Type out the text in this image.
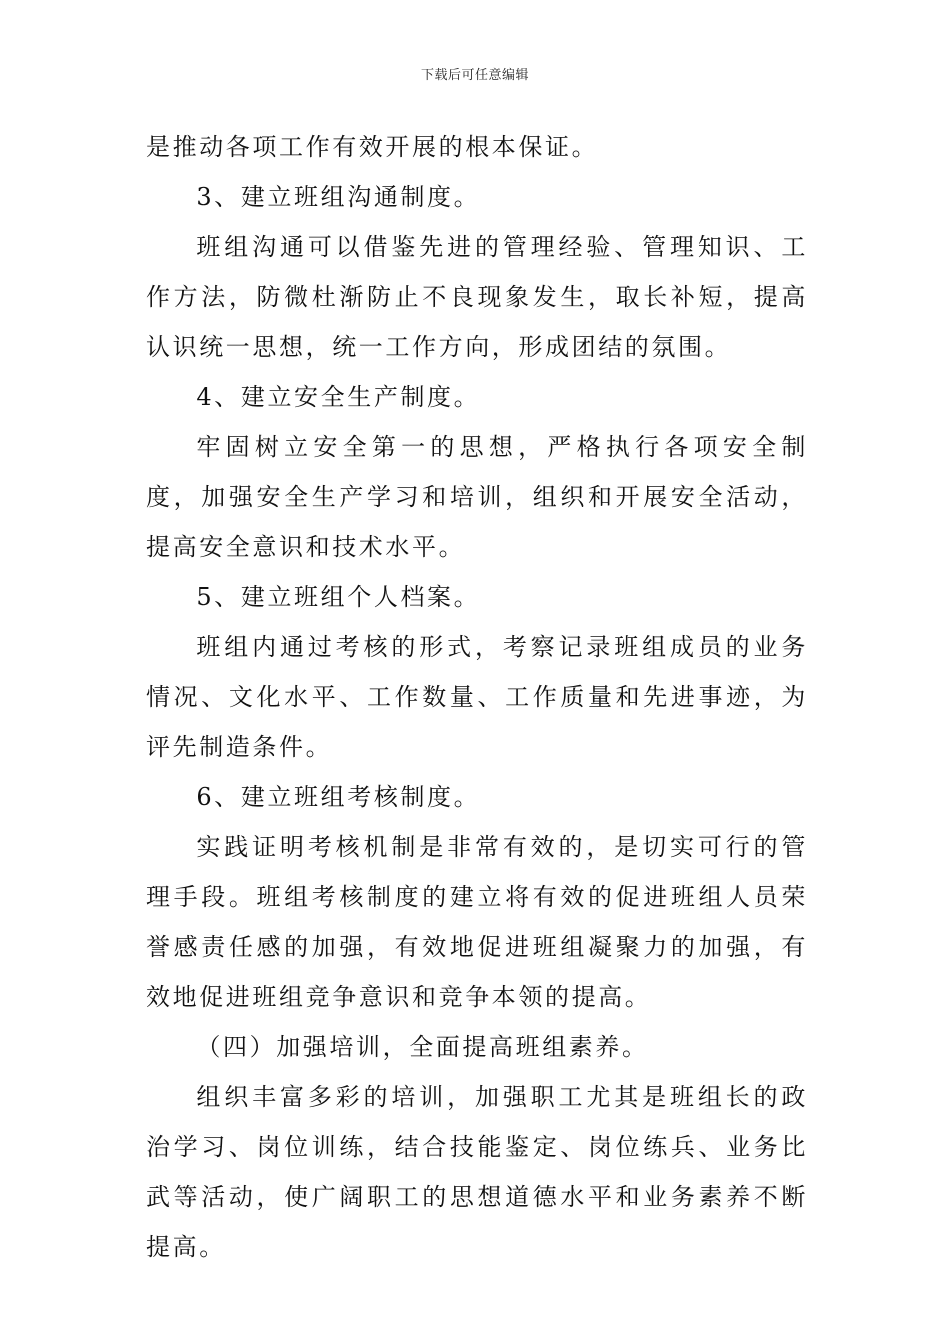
下载后可任意编辑

是推动各项工作有效开展的根本保证。

3、建立班组沟通制度。

班组沟通可以借鉴先进的管理经验、管理知识、工作方法，防微杜渐防止不良现象发生，取长补短，提高认识统一思想，统一工作方向，形成团结的氛围。

4、建立安全生产制度。

牢固树立安全第一的思想，严格执行各项安全制度，加强安全生产学习和培训，组织和开展安全活动，提高安全意识和技术水平。

5、建立班组个人档案。

班组内通过考核的形式，考察记录班组成员的业务情况、文化水平、工作数量、工作质量和先进事迹，为评先制造条件。

6、建立班组考核制度。

实践证明考核机制是非常有效的，是切实可行的管理手段。班组考核制度的建立将有效的促进班组人员荣誉感责任感的加强，有效地促进班组凝聚力的加强，有效地促进班组竞争意识和竞争本领的提高。

（四）加强培训，全面提高班组素养。

组织丰富多彩的培训，加强职工尤其是班组长的政治学习、岗位训练，结合技能鉴定、岗位练兵、业务比武等活动，使广阔职工的思想道德水平和业务素养不断提高。
